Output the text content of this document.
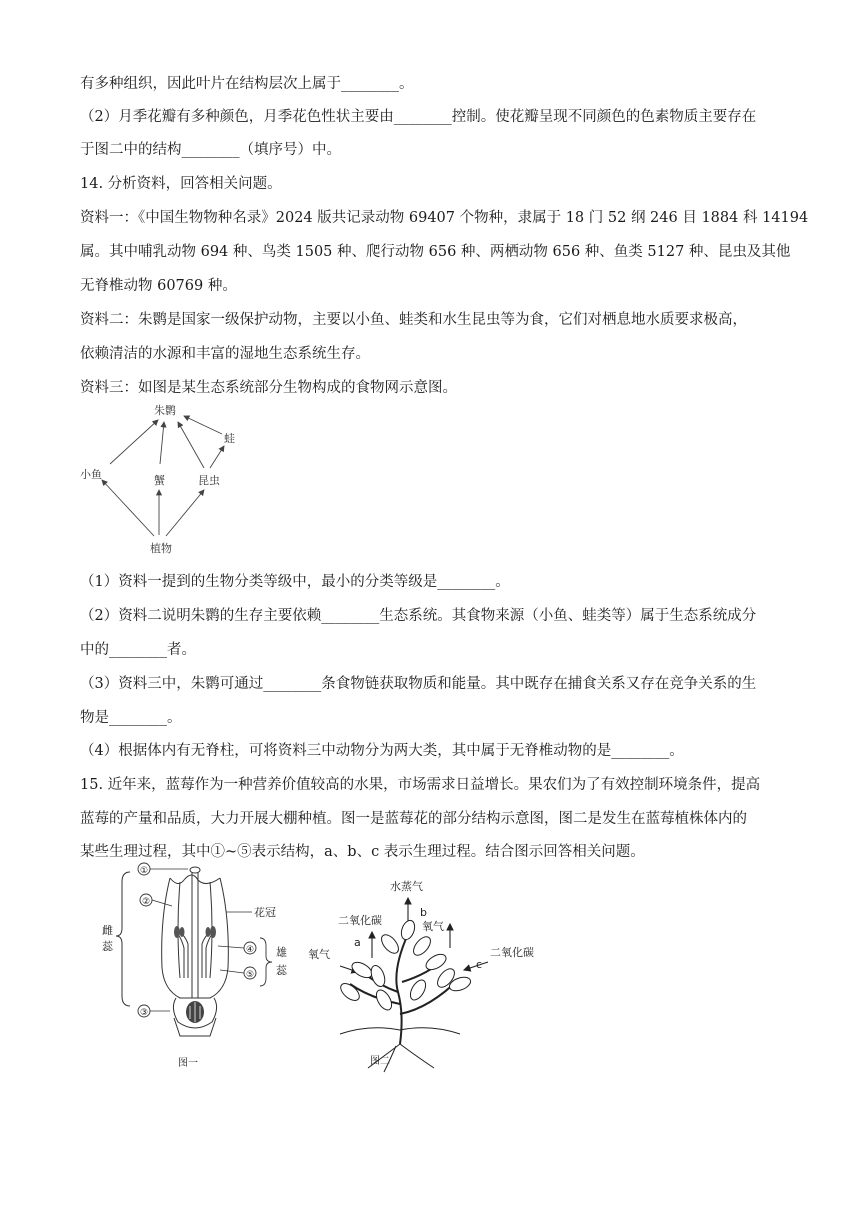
有多种组织，因此叶片在结构层次上属于________。
（2）月季花瓣有多种颜色，月季花色性状主要由________控制。使花瓣呈现不同颜色的色素物质主要存在
于图二中的结构________（填序号）中。
14. 分析资料，回答相关问题。
资料一：《中国生物物种名录》2024 版共记录动物 69407 个物种，隶属于 18 门 52 纲 246 目 1884 科 14194
属。其中哺乳动物 694 种、鸟类 1505 种、爬行动物 656 种、两栖动物 656 种、鱼类 5127 种、昆虫及其他
无脊椎动物 60769 种。
资料二：朱鹮是国家一级保护动物，主要以小鱼、蛙类和水生昆虫等为食，它们对栖息地水质要求极高，
依赖清洁的水源和丰富的湿地生态系统生存。
资料三：如图是某生态系统部分生物构成的食物网示意图。
朱鹮
蛙
小鱼	蟹	昆虫
植物
（1）资料一提到的生物分类等级中，最小的分类等级是________。
（2）资料二说明朱鹮的生存主要依赖________生态系统。其食物来源（小鱼、蛙类等）属于生态系统成分
中的________者。
（3）资料三中，朱鹮可通过________条食物链获取物质和能量。其中既存在捕食关系又存在竞争关系的生
物是________。
（4）根据体内有无脊柱，可将资料三中动物分为两大类，其中属于无脊椎动物的是________。
15. 近年来，蓝莓作为一种营养价值较高的水果，市场需求日益增长。果农们为了有效控制环境条件，提高
蓝莓的产量和品质，大力开展大棚种植。图一是蓝莓花的部分结构示意图，图二是发生在蓝莓植株体内的
某些生理过程，其中①~⑤表示结构，a、b、c 表示生理过程。结合图示回答相关问题。
雌
蕊
①
②
③
④
⑤
花冠
雄
蕊
图一
水蒸气
b
二氧化碳
a
氧气
氧气
c
二氧化碳
图二
